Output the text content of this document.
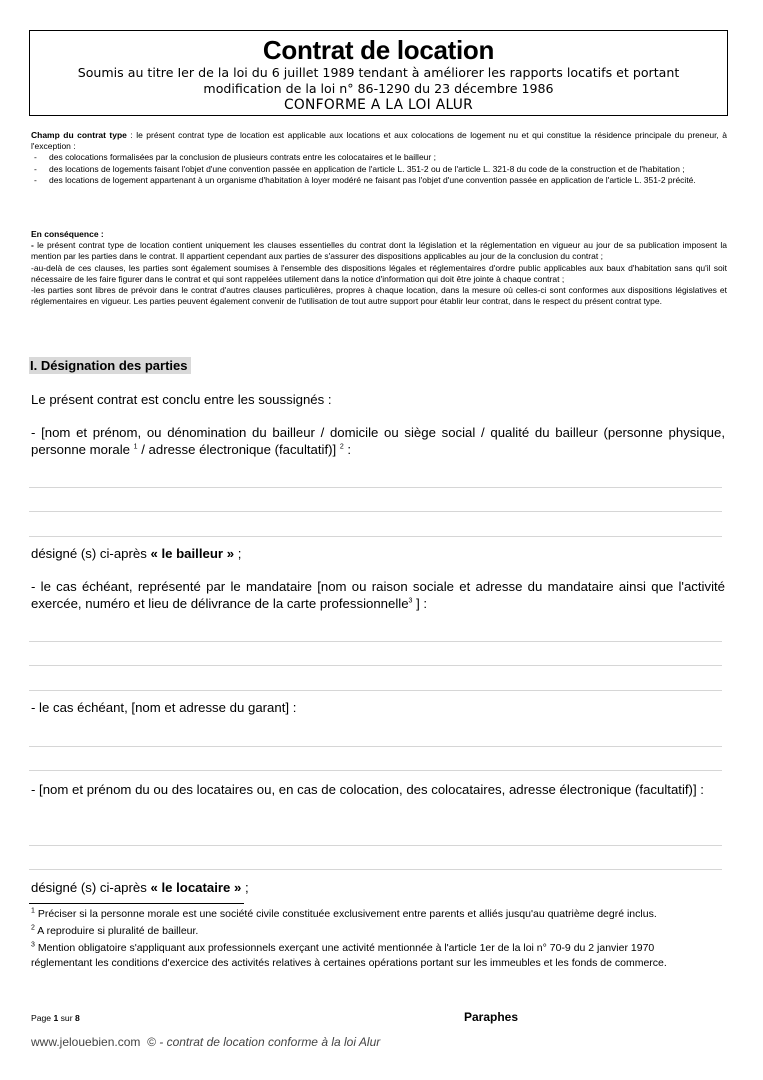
Contrat de location
Soumis au titre Ier de la loi du 6 juillet 1989 tendant à améliorer les rapports locatifs et portant
modification de la loi n° 86-1290 du 23 décembre 1986
CONFORME A LA LOI ALUR
Champ du contrat type : le présent contrat type de location est applicable aux locations et aux colocations de logement nu et qui constitue la résidence principale du preneur, à l'exception :
- des colocations formalisées par la conclusion de plusieurs contrats entre les colocataires et le bailleur ;
- des locations de logements faisant l'objet d'une convention passée en application de l'article L. 351-2 ou de l'article L. 321-8 du code de la construction et de l'habitation ;
- des locations de logement appartenant à un organisme d'habitation à loyer modéré ne faisant pas l'objet d'une convention passée en application de l'article L. 351-2 précité.
En conséquence :
- le présent contrat type de location contient uniquement les clauses essentielles du contrat dont la législation et la réglementation en vigueur au jour de sa publication imposent la mention par les parties dans le contrat. Il appartient cependant aux parties de s'assurer des dispositions applicables au jour de la conclusion du contrat ;
-au-delà de ces clauses, les parties sont également soumises à l'ensemble des dispositions légales et réglementaires d'ordre public applicables aux baux d'habitation sans qu'il soit nécessaire de les faire figurer dans le contrat et qui sont rappelées utilement dans la notice d'information qui doit être jointe à chaque contrat ;
-les parties sont libres de prévoir dans le contrat d'autres clauses particulières, propres à chaque location, dans la mesure où celles-ci sont conformes aux dispositions législatives et réglementaires en vigueur. Les parties peuvent également convenir de l'utilisation de tout autre support pour établir leur contrat, dans le respect du présent contrat type.
I. Désignation des parties
Le présent contrat est conclu entre les soussignés :
- [nom et prénom, ou dénomination du bailleur / domicile ou siège social / qualité du bailleur (personne physique, personne morale $^1$ / adresse électronique (facultatif)] $^2$ :
désigné (s) ci-après « le bailleur » ;
- le cas échéant, représenté par le mandataire [nom ou raison sociale et adresse du mandataire ainsi que l'activité exercée, numéro et lieu de délivrance de la carte professionnelle$^3$ ] :
- le cas échéant, [nom et adresse du garant] :
- [nom et prénom du ou des locataires ou, en cas de colocation, des colocataires, adresse électronique (facultatif)] :
désigné (s) ci-après « le locataire » ;
$^1$ Préciser si la personne morale est une société civile constituée exclusivement entre parents et alliés jusqu'au quatrième degré inclus.
$^2$ A reproduire si pluralité de bailleur.
$^3$ Mention obligatoire s'appliquant aux professionnels exerçant une activité mentionnée à l'article 1er de la loi n° 70-9 du 2 janvier 1970 réglementant les conditions d'exercice des activités relatives à certaines opérations portant sur les immeubles et les fonds de commerce.
Page 1 sur 8	Paraphes
www.jelouebien.com  © - contrat de location conforme à la loi Alur
